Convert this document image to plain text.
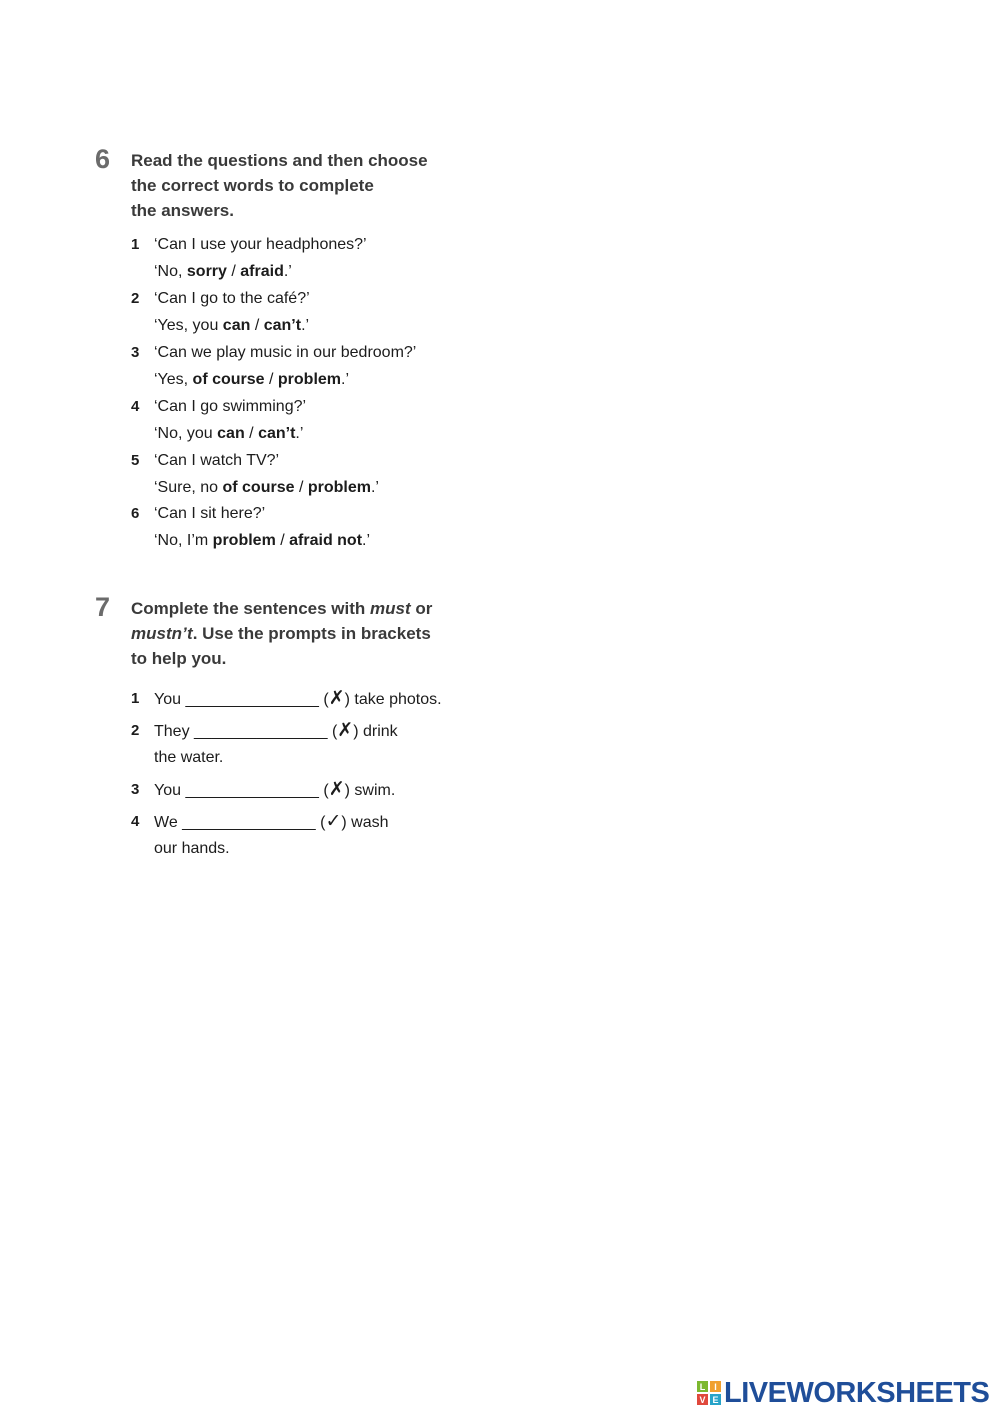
6 Read the questions and then choose
the correct words to complete
the answers.
1 ‘Can I use your headphones?’
‘No, sorry / afraid.’
2 ‘Can I go to the café?’
‘Yes, you can / can’t.’
3 ‘Can we play music in our bedroom?’
‘Yes, of course / problem.’
4 ‘Can I go swimming?’
‘No, you can / can’t.’
5 ‘Can I watch TV?’
‘Sure, no of course / problem.’
6 ‘Can I sit here?’
‘No, I’m problem / afraid not.’
7 Complete the sentences with must or
mustn’t. Use the prompts in brackets
to help you.
1 You _______________ (✗) take photos.
2 They _______________ (✗) drink
the water.
3 You _______________ (✗) swim.
4 We _______________ (✓) wash
our hands.
L I
V E LIVEWORKSHEETS
